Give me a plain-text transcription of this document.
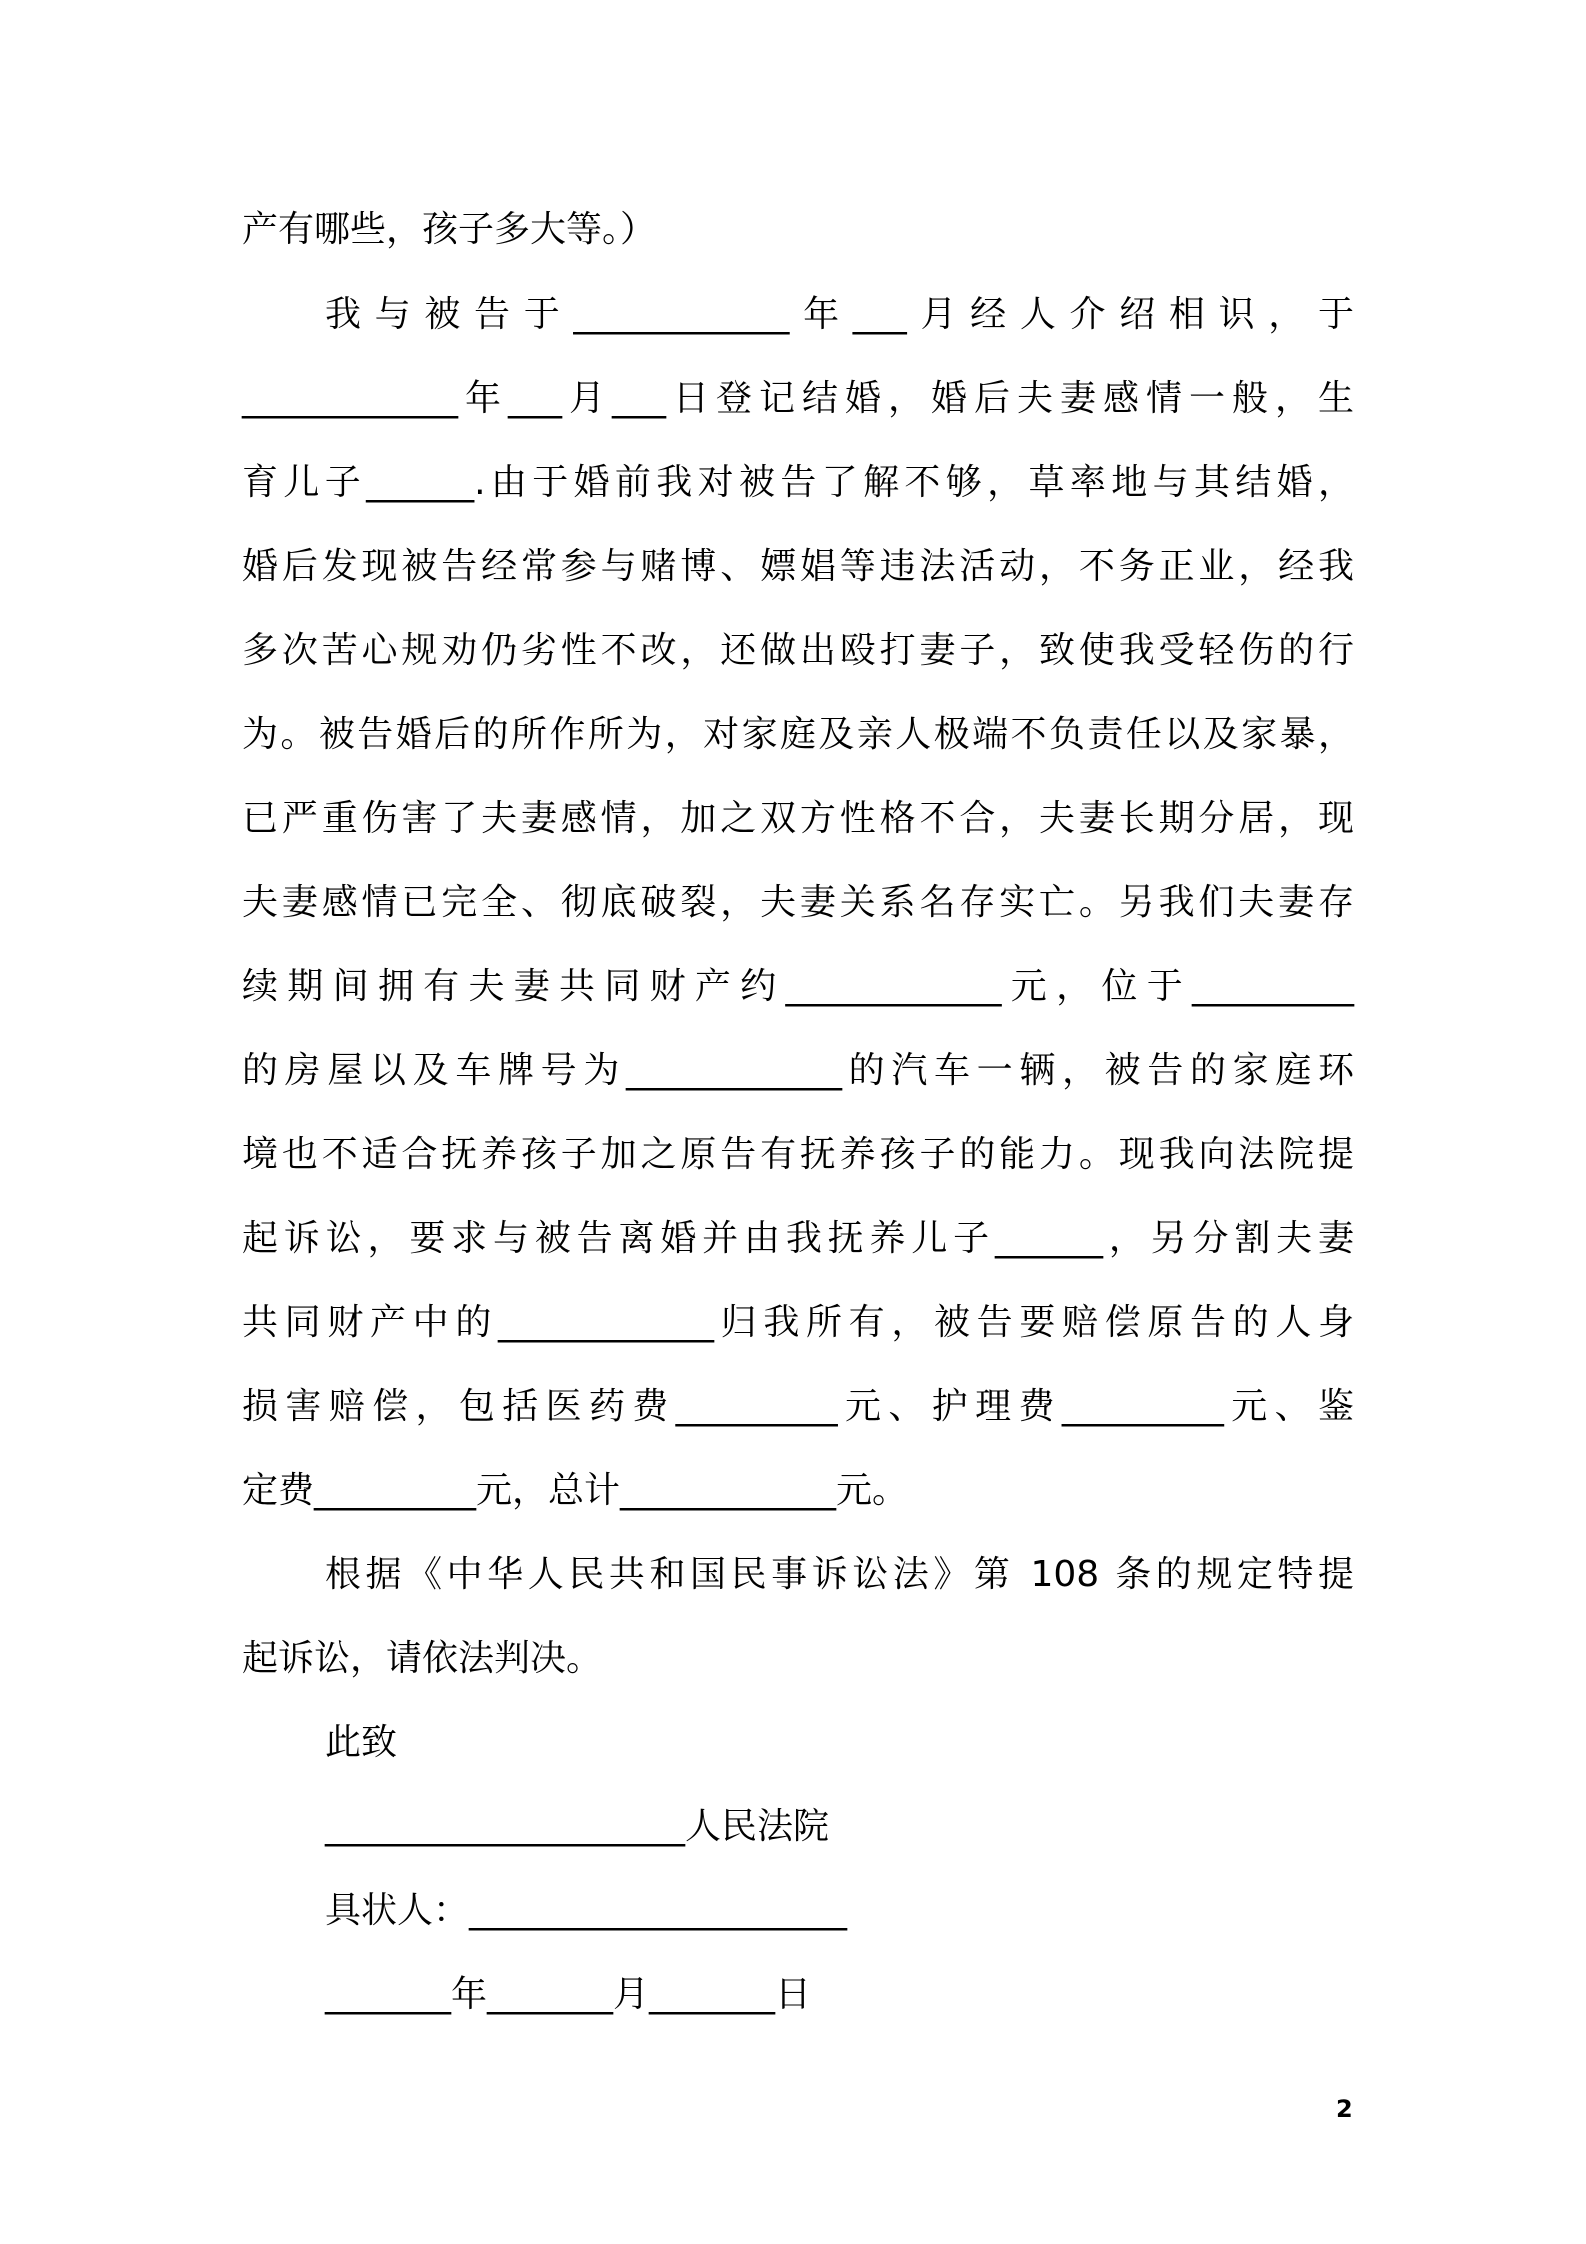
产有哪些，孩子多大等。）
我与被告于____________年___月经人介绍相识，于
____________年___月___日登记结婚，婚后夫妻感情一般，生
育儿子______.由于婚前我对被告了解不够，草率地与其结婚，
婚后发现被告经常参与赌博、嫖娼等违法活动，不务正业，经我
多次苦心规劝仍劣性不改，还做出殴打妻子，致使我受轻伤的行
为。被告婚后的所作所为，对家庭及亲人极端不负责任以及家暴，
已严重伤害了夫妻感情，加之双方性格不合，夫妻长期分居，现
夫妻感情已完全、彻底破裂，夫妻关系名存实亡。另我们夫妻存
续期间拥有夫妻共同财产约____________元，位于_________
的房屋以及车牌号为____________的汽车一辆，被告的家庭环
境也不适合抚养孩子加之原告有抚养孩子的能力。现我向法院提
起诉讼，要求与被告离婚并由我抚养儿子______，另分割夫妻
共同财产中的____________归我所有，被告要赔偿原告的人身
损害赔偿，包括医药费_________元、护理费_________元、鉴
定费_________元，总计____________元。
根据《中华人民共和国民事诉讼法》第 108 条的规定特提
起诉讼，请依法判决。
此致
____________________人民法院
具状人：_____________________
_______年_______月_______日
2
